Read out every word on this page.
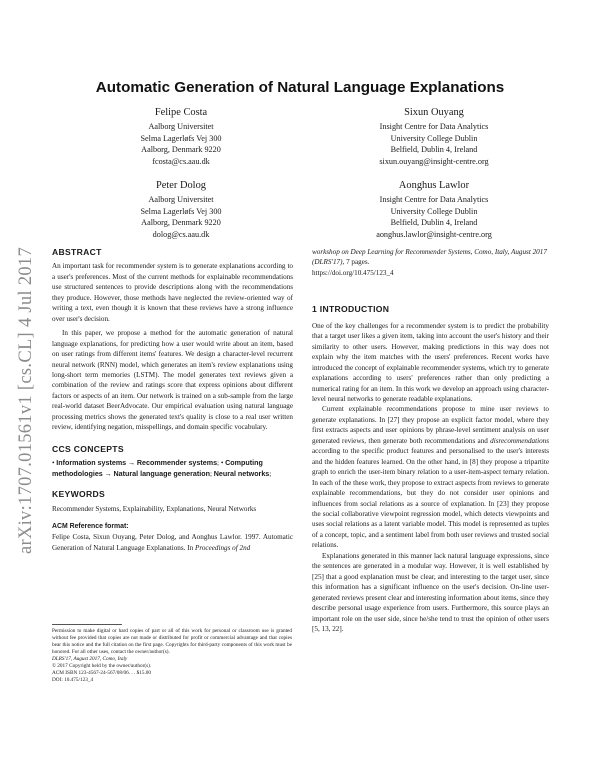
arXiv:1707.01561v1 [cs.CL] 4 Jul 2017
Automatic Generation of Natural Language Explanations
Felipe Costa
Aalborg Universitet
Selma Lagerløfs Vej 300
Aalborg, Denmark 9220
fcosta@cs.aau.dk
Sixun Ouyang
Insight Centre for Data Analytics
University College Dublin
Belfield, Dublin 4, Ireland
sixun.ouyang@insight-centre.org
Peter Dolog
Aalborg Universitet
Selma Lagerløfs Vej 300
Aalborg, Denmark 9220
dolog@cs.aau.dk
Aonghus Lawlor
Insight Centre for Data Analytics
University College Dublin
Belfield, Dublin 4, Ireland
aonghus.lawlor@insight-centre.org
ABSTRACT

An important task for recommender system is to generate explanations according to a user's preferences. Most of the current methods for explainable recommendations use structured sentences to provide descriptions along with the recommendations they produce. However, those methods have neglected the review-oriented way of writing a text, even though it is known that these reviews have a strong influence over user's decision.

In this paper, we propose a method for the automatic generation of natural language explanations, for predicting how a user would write about an item, based on user ratings from different items' features. We design a character-level recurrent neural network (RNN) model, which generates an item's review explanations using long-short term memories (LSTM). The model generates text reviews given a combination of the review and ratings score that express opinions about different factors or aspects of an item. Our network is trained on a sub-sample from the large real-world dataset BeerAdvocate. Our empirical evaluation using natural language processing metrics shows the generated text's quality is close to a real user written review, identifying negation, misspellings, and domain specific vocabulary.

CCS CONCEPTS

• Information systems → Recommender systems; • Computing methodologies → Natural language generation; Neural networks;

KEYWORDS

Recommender Systems, Explainability, Explanations, Neural Networks

ACM Reference format:

Felipe Costa, Sixun Ouyang, Peter Dolog, and Aonghus Lawlor. 1997. Automatic Generation of Natural Language Explanations. In Proceedings of 2nd

Permission to make digital or hard copies of part or all of this work for personal or classroom use is granted without fee provided that copies are not made or distributed for profit or commercial advantage and that copies bear this notice and the full citation on the first page. Copyrights for third-party components of this work must be honored. For all other uses, contact the owner/author(s).

DLRS'17, August 2017, Como, Italy

© 2017 Copyright held by the owner/author(s).

ACM ISBN 123-4567-24-567/08/06. . . $15.00

DOI: 10.475/123_4

workshop on Deep Learning for Recommender Systems, Como, Italy, August 2017 (DLRS'17), 7 pages.

https://doi.org/10.475/123_4

1 INTRODUCTION

One of the key challenges for a recommender system is to predict the probability that a target user likes a given item, taking into account the user's history and their similarity to other users. However, making predictions in this way does not explain why the item matches with the users' preferences. Recent works have introduced the concept of explainable recommender systems, which try to generate explanations according to users' preferences rather than only predicting a numerical rating for an item. In this work we develop an approach using character-level neural networks to generate readable explanations.

Current explainable recommendations propose to mine user reviews to generate explanations. In [27] they propose an explicit factor model, where they first extracts aspects and user opinions by phrase-level sentiment analysis on user generated reviews, then generate both recommendations and disrecommendations according to the specific product features and personalised to the user's interests and the hidden features learned. On the other hand, in [8] they propose a tripartite graph to enrich the user-item binary relation to a user-item-aspect ternary relation. In each of the these work, they propose to extract aspects from reviews to generate explainable recommendations, but they do not consider user opinions and influences from social relations as a source of explanation. In [23] they propose the social collaborative viewpoint regression model, which detects viewpoints and uses social relations as a latent variable model. This model is represented as tuples of a concept, topic, and a sentiment label from both user reviews and trusted social relations.

Explanations generated in this manner lack natural language expressions, since the sentences are generated in a modular way. However, it is well established by [25] that a good explanation must be clear, and interesting to the target user, since this information has a significant influence on the user's decision. On-line user-generated reviews present clear and interesting information about items, since they describe personal usage experience from users. Furthermore, this source plays an important role on the user side, since he/she tend to trust the opinion of other users [5, 13, 22].
